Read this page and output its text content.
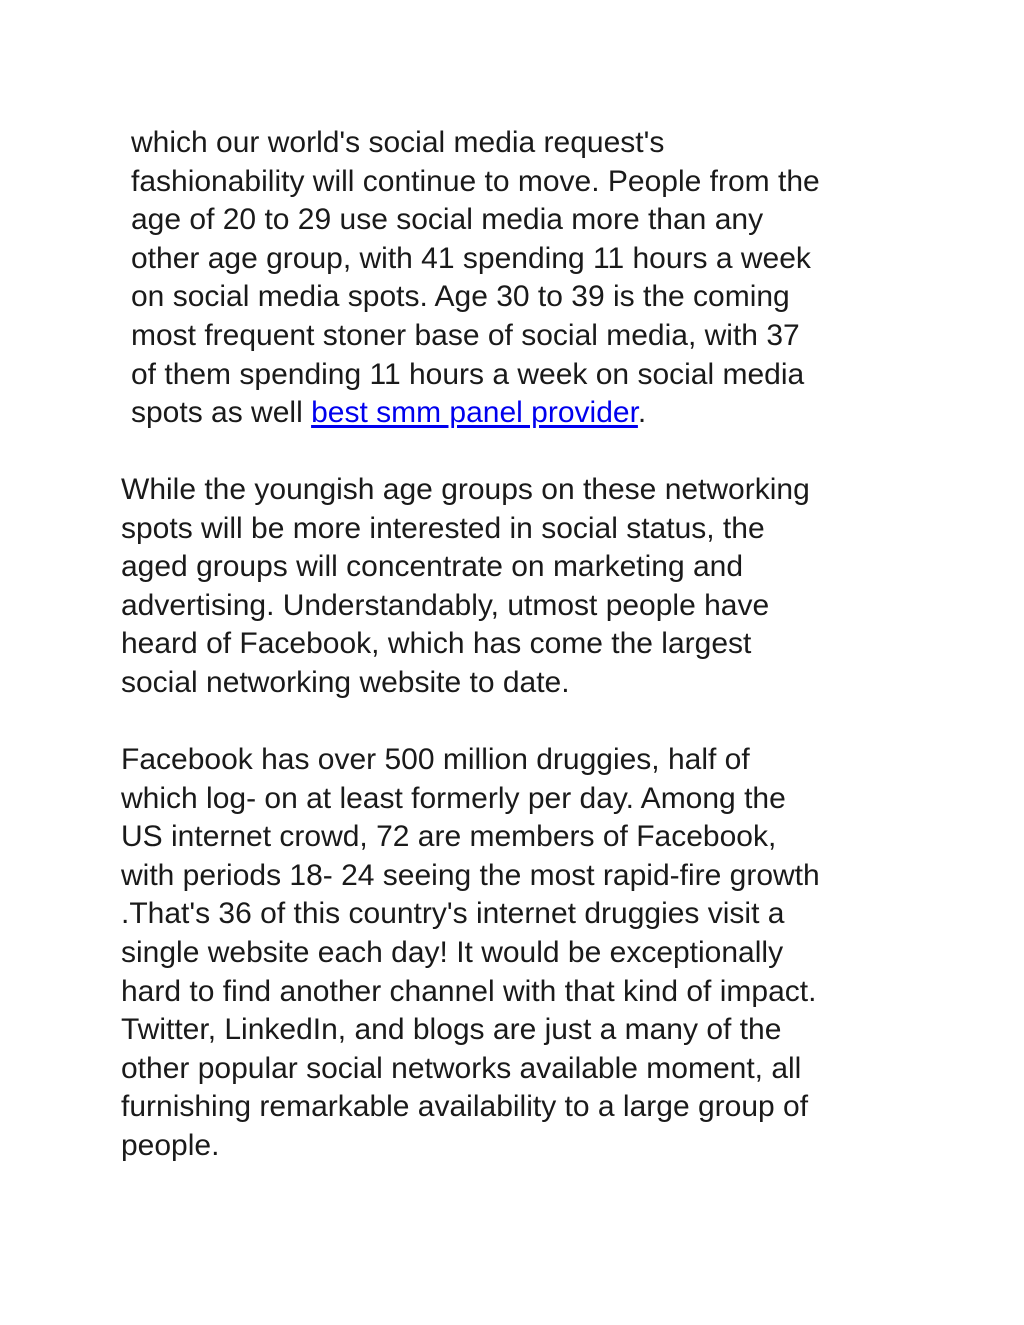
which our world's social media request's
fashionability will continue to move. People from the
age of 20 to 29 use social media more than any
other age group, with 41 spending 11 hours a week
on social media spots. Age 30 to 39 is the coming
most frequent stoner base of social media, with 37
of them spending 11 hours a week on social media
spots as well best smm panel provider.

While the youngish age groups on these networking
spots will be more interested in social status, the
aged groups will concentrate on marketing and
advertising. Understandably, utmost people have
heard of Facebook, which has come the largest
social networking website to date.

Facebook has over 500 million druggies, half of
which log- on at least formerly per day. Among the
US internet crowd, 72 are members of Facebook,
with periods 18- 24 seeing the most rapid-fire growth
.That's 36 of this country's internet druggies visit a
single website each day! It would be exceptionally
hard to find another channel with that kind of impact.
Twitter, LinkedIn, and blogs are just a many of the
other popular social networks available moment, all
furnishing remarkable availability to a large group of
people.
